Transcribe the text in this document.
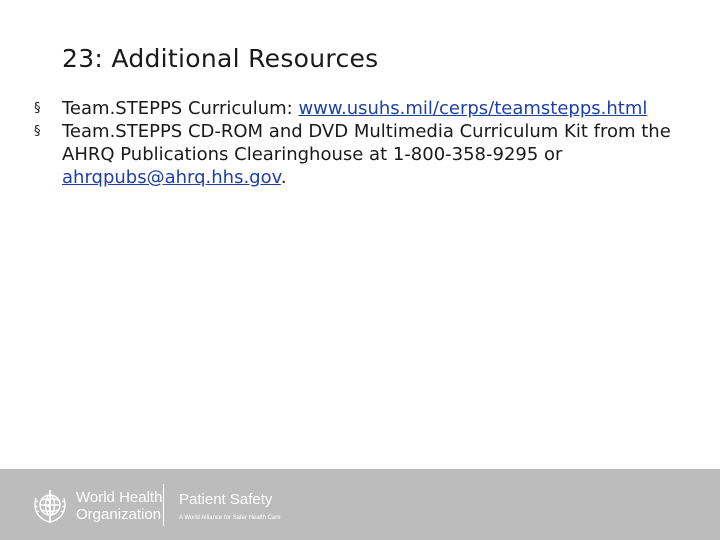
23: Additional Resources
§ Team.STEPPS Curriculum: www.usuhs.mil/cerps/teamstepps.html
§ Team.STEPPS CD-ROM and DVD Multimedia Curriculum Kit from the AHRQ Publications Clearinghouse at 1-800-358-9295 or ahrqpubs@ahrq.hhs.gov.
World Health
Organization
Patient Safety
A World Alliance for Safer Health Care
